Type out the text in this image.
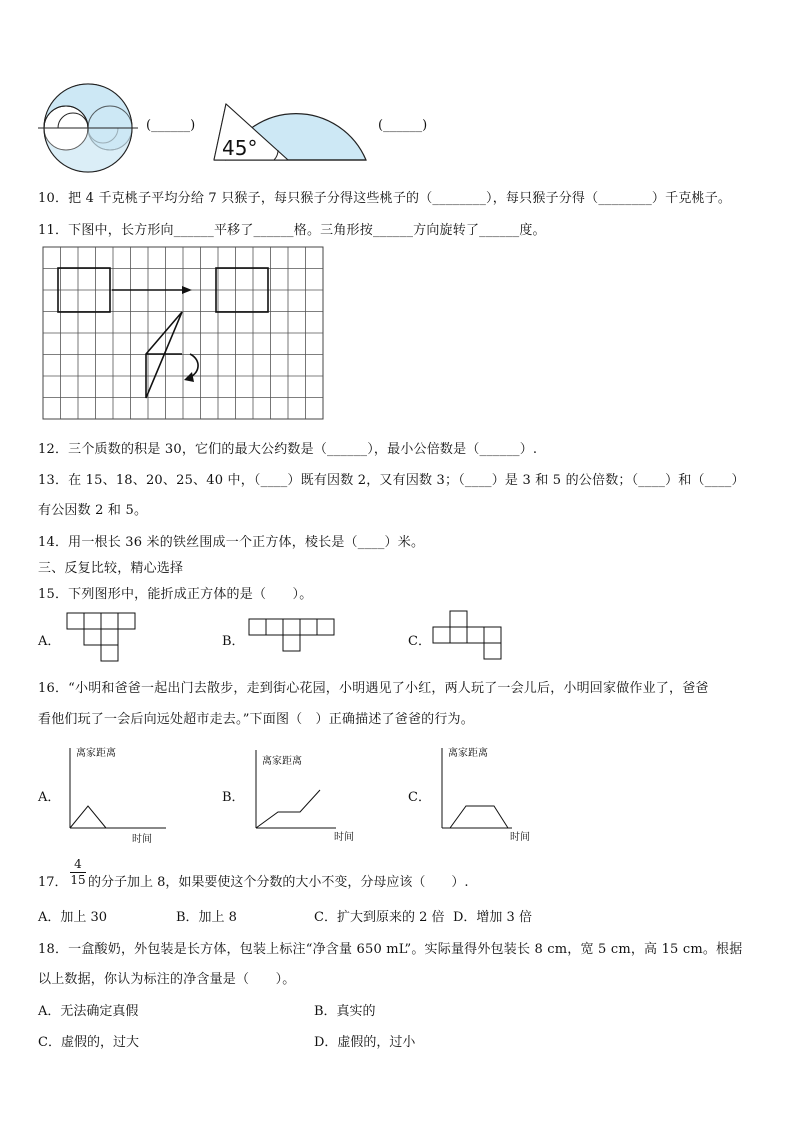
(______)
45°
(______)
10．把 4 千克桃子平均分给 7 只猴子，每只猴子分得这些桃子的（________），每只猴子分得（________）千克桃子。
11．下图中，长方形向______平移了______格。三角形按______方向旋转了______度。
12．三个质数的积是 30，它们的最大公约数是（______），最小公倍数是（______）.
13．在 15、18、20、25、40 中，（____）既有因数 2，又有因数 3；（____）是 3 和 5 的公倍数；（____）和（____）
有公因数 2 和 5。
14．用一根长 36 米的铁丝围成一个正方体，棱长是（____）米。
三、反复比较，精心选择
15．下列图形中，能折成正方体的是（　　）。
A．	B．	C．
16．“小明和爸爸一起出门去散步，走到街心花园，小明遇见了小红，两人玩了一会儿后，小明回家做作业了，爸爸
看他们玩了一会后向远处超市走去。”下面图（　）正确描述了爸爸的行为。
A．
离家距离
时间
B．
离家距离
时间
C．
离家距离
时间
17． $\frac{4}{15}$ 的分子加上 8，如果要使这个分数的大小不变，分母应该（　　）.
A．加上 30	B．加上 8	C．扩大到原来的 2 倍 D．增加 3 倍
18．一盒酸奶，外包装是长方体，包装上标注“净含量 650 mL”。实际量得外包装长 8 cm，宽 5 cm，高 15 cm。根据
以上数据，你认为标注的净含量是（　　）。
A．无法确定真假	B．真实的
C．虚假的，过大	D．虚假的，过小
